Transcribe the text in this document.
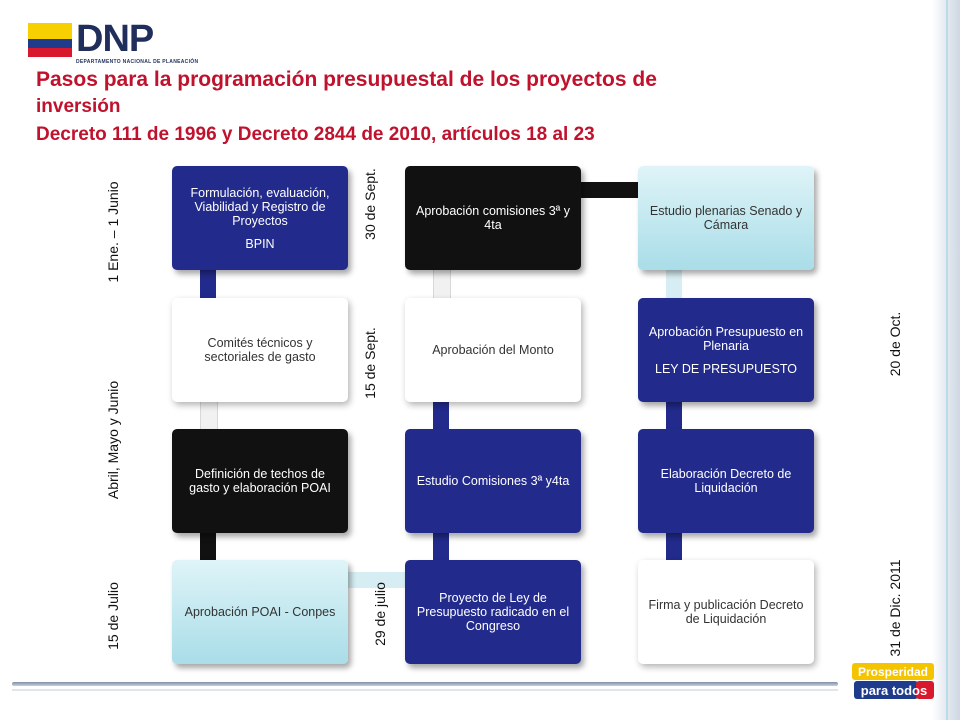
DNP
DEPARTAMENTO NACIONAL DE PLANEACIÓN
Pasos para la programación presupuestal de los proyectos de
inversión
Decreto 111 de 1996 y Decreto 2844 de 2010, artículos 18 al 23
Formulación, evaluación, Viabilidad y Registro de Proyectos
BPIN
Comités técnicos y sectoriales de gasto
Definición de techos de gasto y elaboración POAI
Aprobación POAI - Conpes
Aprobación comisiones 3ª y 4ta
Aprobación del Monto
Estudio Comisiones 3ª y4ta
Proyecto de Ley de Presupuesto radicado en el Congreso
Estudio plenarias Senado y Cámara
Aprobación Presupuesto en Plenaria
LEY DE PRESUPUESTO
Elaboración Decreto de Liquidación
Firma y publicación Decreto de Liquidación
1 Ene. – 1 Junio
Abril, Mayo y Junio
15 de Julio
30 de Sept.
15 de Sept.
29 de julio
20 de Oct.
31 de Dic. 2011
Prosperidad
para todos
